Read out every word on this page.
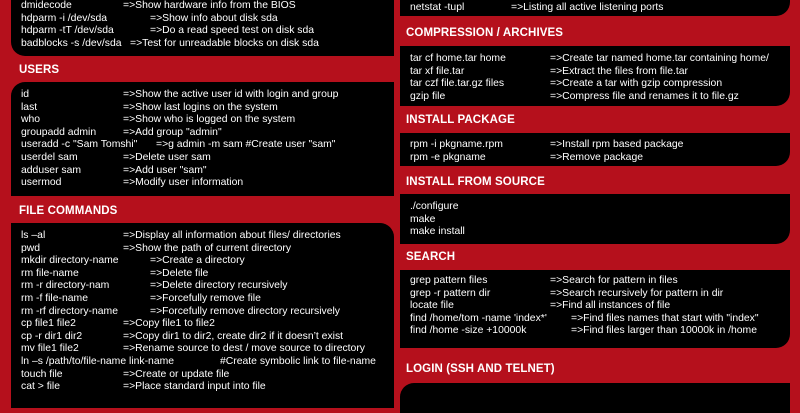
dmidecode	=>Show hardware info from the BIOS
hdparm -i /dev/sda	=>Show info about disk sda
hdparm -tT /dev/sda	=>Do a read speed test on disk sda
badblocks -s /dev/sda =>Test for unreadable blocks on disk sda
USERS
id	=>Show the active user id with login and group
last	=>Show last logins on the system
who	=>Show who is logged on the system
groupadd admin	=>Add group "admin"
useradd -c "Sam Tomshi" =>g admin -m sam #Create user "sam"
userdel sam	=>Delete user sam
adduser sam	=>Add user "sam"
usermod	=>Modify user information
FILE COMMANDS
ls –al	=>Display all information about files/ directories
pwd	=>Show the path of current directory
mkdir directory-name	=>Create a directory
rm file-name	=>Delete file
rm -r directory-nam	=>Delete directory recursively
rm -f file-name	=>Forcefully remove file
rm -rf directory-name	=>Forcefully remove directory recursively
cp file1 file2	=>Copy file1 to file2
cp -r dir1 dir2	=>Copy dir1 to dir2, create dir2 if it doesn’t exist
mv file1 file2	=>Rename source to dest / move source to directory
ln –s /path/to/file-name link-name	#Create symbolic link to file-name
touch file	=>Create or update file
cat > file	=>Place standard input into file
netstat -tupl	=>Listing all active listening ports
COMPRESSION / ARCHIVES
tar cf home.tar home	=>Create tar named home.tar containing home/
tar xf file.tar	=>Extract the files from file.tar
tar czf file.tar.gz files	=>Create a tar with gzip compression
gzip file	=>Compress file and renames it to file.gz
INSTALL PACKAGE
rpm -i pkgname.rpm	=>Install rpm based package
rpm -e pkgname	=>Remove package
INSTALL FROM SOURCE
./configure
make
make install
SEARCH
grep pattern files	=>Search for pattern in files
grep -r pattern dir	=>Search recursively for pattern in dir
locate file	=>Find all instances of file
find /home/tom -name 'index*' =>Find files names that start with "index"
find /home -size +10000k	=>Find files larger than 10000k in /home
LOGIN (SSH AND TELNET)
